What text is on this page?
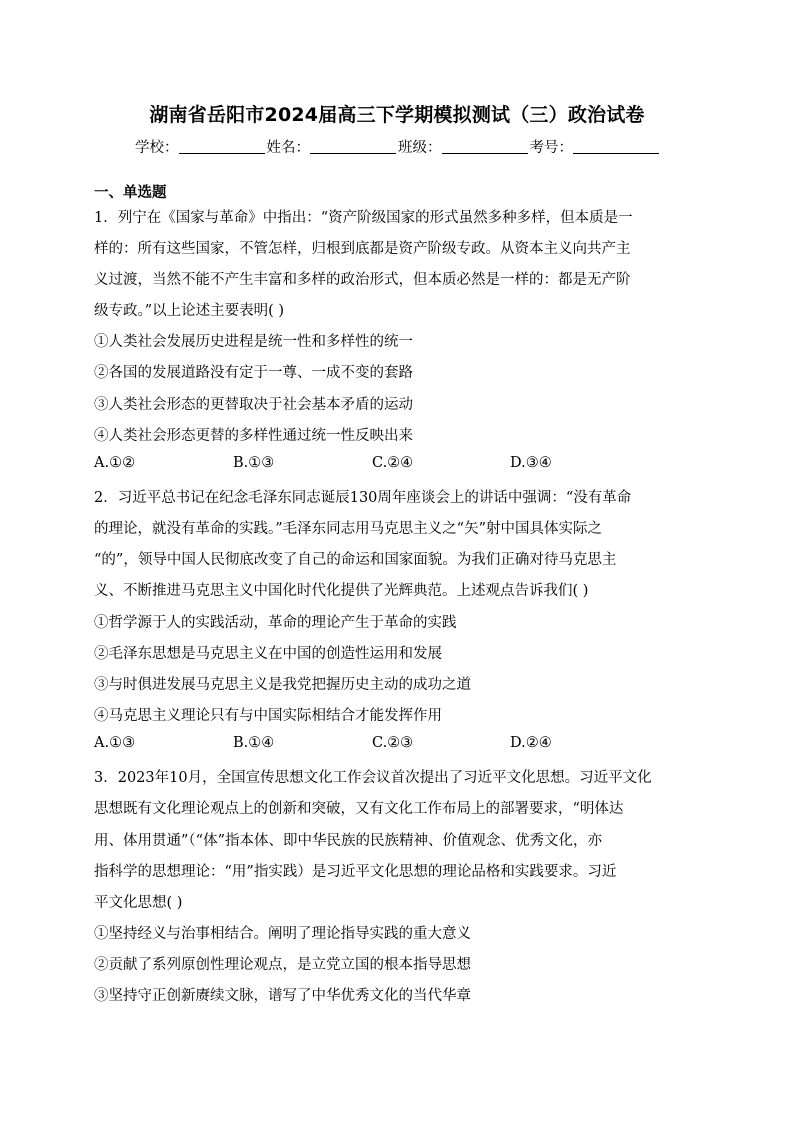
湖南省岳阳市2024届高三下学期模拟测试（三）政治试卷
学校：	姓名：	班级：	考号：
一、单选题
1．列宁在《国家与革命》中指出：“资产阶级国家的形式虽然多种多样，但本质是一
样的：所有这些国家，不管怎样，归根到底都是资产阶级专政。从资本主义向共产主
义过渡，当然不能不产生丰富和多样的政治形式，但本质必然是一样的：都是无产阶
级专政。”以上论述主要表明( )
①人类社会发展历史进程是统一性和多样性的统一
②各国的发展道路没有定于一尊、一成不变的套路
③人类社会形态的更替取决于社会基本矛盾的运动
④人类社会形态更替的多样性通过统一性反映出来
A.①②	B.①③	C.②④	D.③④
2．习近平总书记在纪念毛泽东同志诞辰130周年座谈会上的讲话中强调：“没有革命
的理论，就没有革命的实践。”毛泽东同志用马克思主义之“矢”射中国具体实际之
“的”，领导中国人民彻底改变了自己的命运和国家面貌。为我们正确对待马克思主
义、不断推进马克思主义中国化时代化提供了光辉典范。上述观点告诉我们( )
①哲学源于人的实践活动，革命的理论产生于革命的实践
②毛泽东思想是马克思主义在中国的创造性运用和发展
③与时俱进发展马克思主义是我党把握历史主动的成功之道
④马克思主义理论只有与中国实际相结合才能发挥作用
A.①③	B.①④	C.②③	D.②④
3．2023年10月，全国宣传思想文化工作会议首次提出了习近平文化思想。习近平文化
思想既有文化理论观点上的创新和突破，又有文化工作布局上的部署要求，“明体达
用、体用贯通”（“体”指本体、即中华民族的民族精神、价值观念、优秀文化，亦
指科学的思想理论：“用”指实践）是习近平文化思想的理论品格和实践要求。习近
平文化思想( )
①坚持经义与治事相结合。阐明了理论指导实践的重大意义
②贡献了系列原创性理论观点，是立党立国的根本指导思想
③坚持守正创新赓续文脉，谱写了中华优秀文化的当代华章
